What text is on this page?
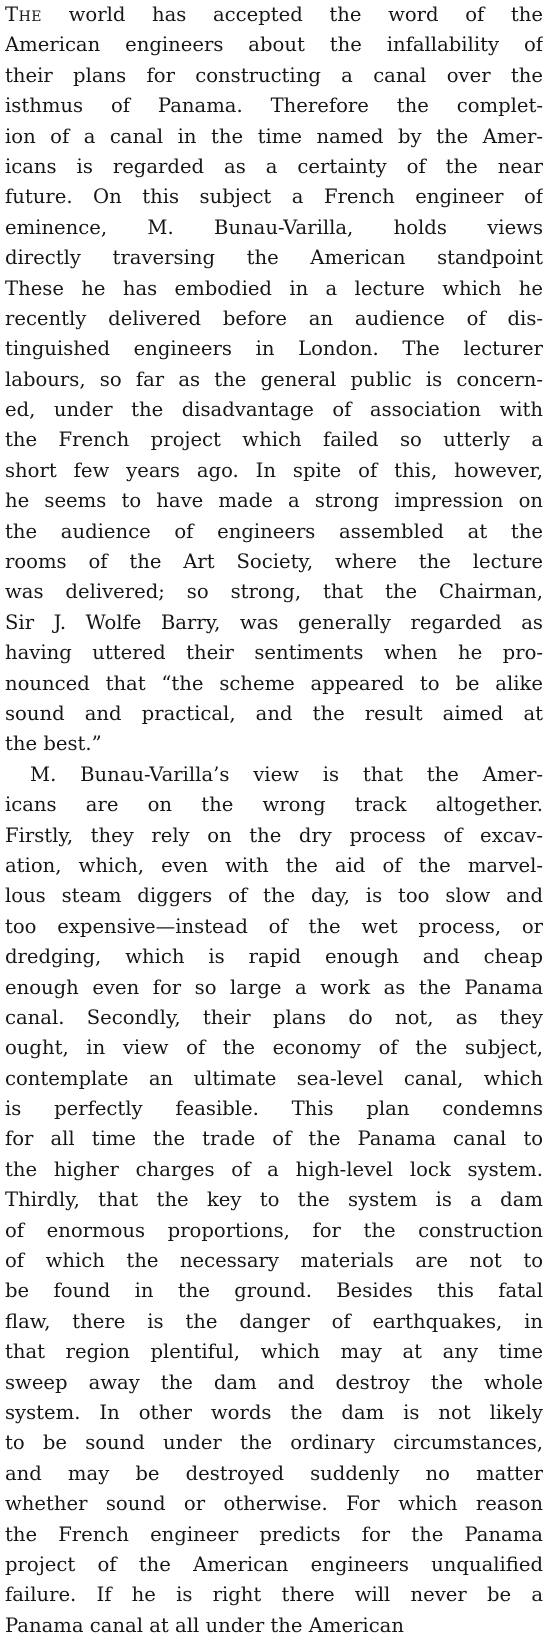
The world has accepted the word of the
American engineers about the infallability of
their plans for constructing a canal over the
isthmus of Panama. Therefore the complet-
ion of a canal in the time named by the Amer-
icans is regarded as a certainty of the near
future. On this subject a French engineer of
eminence, M. Bunau-Varilla, holds views
directly traversing the American standpoint
These he has embodied in a lecture which he
recently delivered before an audience of dis-
tinguished engineers in London. The lecturer
labours, so far as the general public is concern-
ed, under the disadvantage of association with
the French project which failed so utterly a
short few years ago. In spite of this, however,
he seems to have made a strong impression on
the audience of engineers assembled at the
rooms of the Art Society, where the lecture
was delivered; so strong, that the Chairman,
Sir J. Wolfe Barry, was generally regarded as
having uttered their sentiments when he pro-
nounced that “the scheme appeared to be alike
sound and practical, and the result aimed at
the best.”
M. Bunau-Varilla’s view is that the Amer-
icans are on the wrong track altogether.
Firstly, they rely on the dry process of excav-
ation, which, even with the aid of the marvel-
lous steam diggers of the day, is too slow and
too expensive—instead of the wet process, or
dredging, which is rapid enough and cheap
enough even for so large a work as the Panama
canal. Secondly, their plans do not, as they
ought, in view of the economy of the subject,
contemplate an ultimate sea-level canal, which
is perfectly feasible. This plan condemns
for all time the trade of the Panama canal to
the higher charges of a high-level lock system.
Thirdly, that the key to the system is a dam
of enormous proportions, for the construction
of which the necessary materials are not to
be found in the ground. Besides this fatal
flaw, there is the danger of earthquakes, in
that region plentiful, which may at any time
sweep away the dam and destroy the whole
system. In other words the dam is not likely
to be sound under the ordinary circumstances,
and may be destroyed suddenly no matter
whether sound or otherwise. For which reason
the French engineer predicts for the Panama
project of the American engineers unqualified
failure. If he is right there will never be a
Panama canal at all under the American
